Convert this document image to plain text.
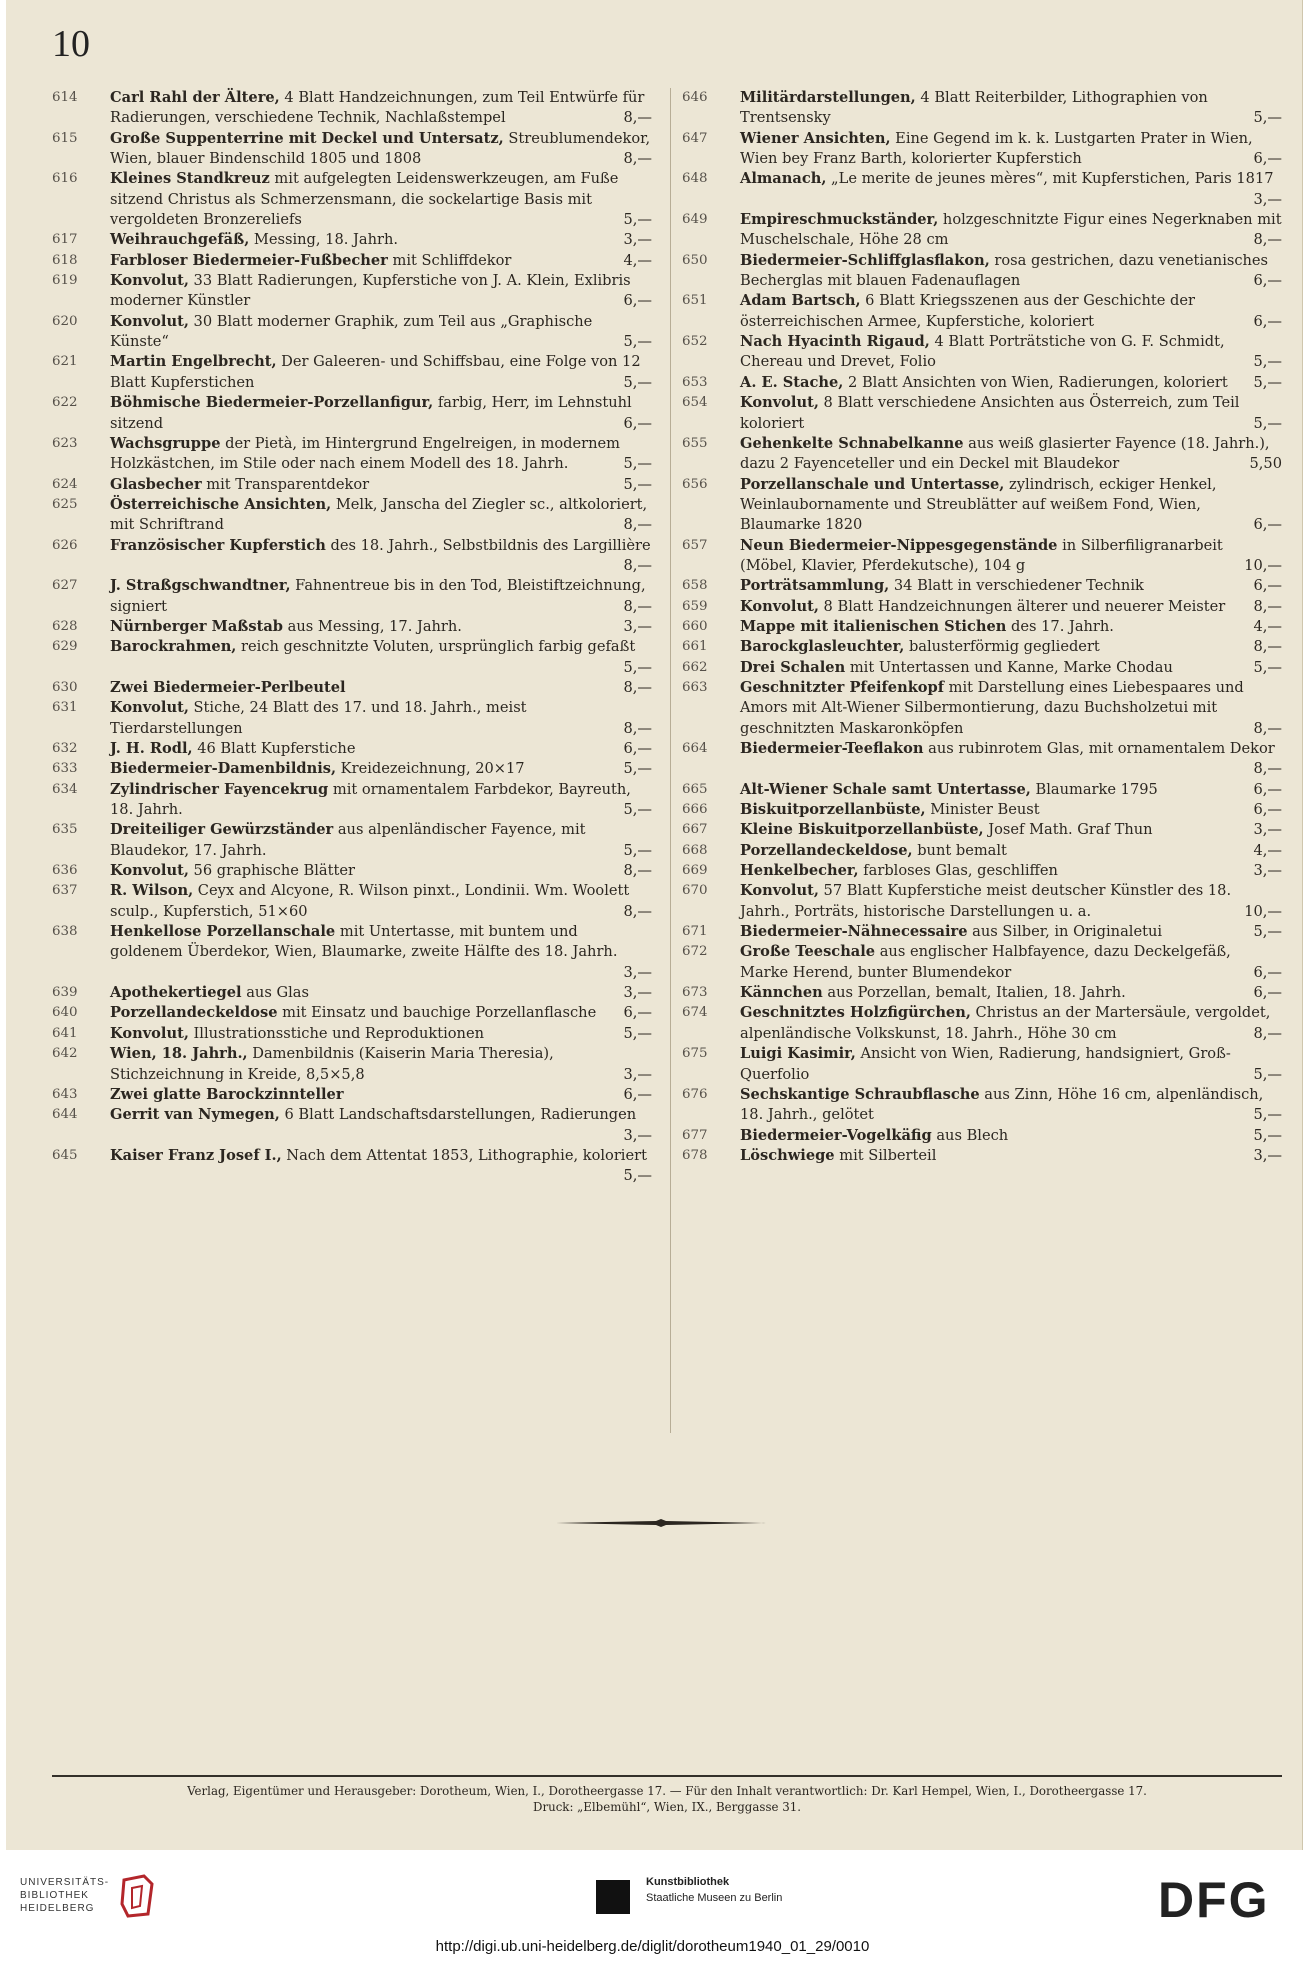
10
614	Carl Rahl der Ältere, 4 Blatt Handzeichnungen, zum Teil Entwürfe für Radierungen, verschiedene Technik, Nachlaßstempel	8,—
615	Große Suppenterrine mit Deckel und Untersatz, Streublumendekor, Wien, blauer Bindenschild 1805 und 1808	8,—
616	Kleines Standkreuz mit aufgelegten Leidenswerkzeugen, am Fuße sitzend Christus als Schmerzensmann, die sockelartige Basis mit vergoldeten Bronzereliefs	5,—
617	Weihrauchgefäß, Messing, 18. Jahrh.	3,—
618	Farbloser Biedermeier-Fußbecher mit Schliffdekor	4,—
619	Konvolut, 33 Blatt Radierungen, Kupferstiche von J. A. Klein, Exlibris moderner Künstler	6,—
620	Konvolut, 30 Blatt moderner Graphik, zum Teil aus „Graphische Künste“	5,—
621	Martin Engelbrecht, Der Galeeren- und Schiffsbau, eine Folge von 12 Blatt Kupferstichen	5,—
622	Böhmische Biedermeier-Porzellanfigur, farbig, Herr, im Lehnstuhl sitzend	6,—
623	Wachsgruppe der Pietà, im Hintergrund Engelreigen, in modernem Holzkästchen, im Stile oder nach einem Modell des 18. Jahrh.	5,—
624	Glasbecher mit Transparentdekor	5,—
625	Österreichische Ansichten, Melk, Janscha del Ziegler sc., altkoloriert, mit Schriftrand	8,—
626	Französischer Kupferstich des 18. Jahrh., Selbstbildnis des Largillière
8,—
627	J. Straßgschwandtner, Fahnentreue bis in den Tod, Bleistiftzeichnung, signiert	8,—
628	Nürnberger Maßstab aus Messing, 17. Jahrh.	3,—
629	Barockrahmen, reich geschnitzte Voluten, ursprünglich farbig gefaßt
5,—
630	Zwei Biedermeier-Perlbeutel	8,—
631	Konvolut, Stiche, 24 Blatt des 17. und 18. Jahrh., meist Tierdarstellungen	8,—
632	J. H. Rodl, 46 Blatt Kupferstiche	6,—
633	Biedermeier-Damenbildnis, Kreidezeichnung, 20×17	5,—
634	Zylindrischer Fayencekrug mit ornamentalem Farbdekor, Bayreuth, 18. Jahrh.	5,—
635	Dreiteiliger Gewürzständer aus alpenländischer Fayence, mit Blaudekor, 17. Jahrh.	5,—
636	Konvolut, 56 graphische Blätter	8,—
637	R. Wilson, Ceyx and Alcyone, R. Wilson pinxt., Londinii. Wm. Woolett sculp., Kupferstich, 51×60	8,—
638	Henkellose Porzellanschale mit Untertasse, mit buntem und goldenem Überdekor, Wien, Blaumarke, zweite Hälfte des 18. Jahrh.
3,—
639	Apothekertiegel aus Glas	3,—
640	Porzellandeckeldose mit Einsatz und bauchige Porzellanflasche	6,—
641	Konvolut, Illustrationsstiche und Reproduktionen	5,—
642	Wien, 18. Jahrh., Damenbildnis (Kaiserin Maria Theresia), Stichzeichnung in Kreide, 8,5×5,8	3,—
643	Zwei glatte Barockzinnteller	6,—
644	Gerrit van Nymegen, 6 Blatt Landschaftsdarstellungen, Radierungen
3,—
645	Kaiser Franz Josef I., Nach dem Attentat 1853, Lithographie, koloriert
5,—
646	Militärdarstellungen, 4 Blatt Reiterbilder, Lithographien von Trentsensky	5,—
647	Wiener Ansichten, Eine Gegend im k. k. Lustgarten Prater in Wien, Wien bey Franz Barth, kolorierter Kupferstich	6,—
648	Almanach, „Le merite de jeunes mères“, mit Kupferstichen, Paris 1817
3,—
649	Empireschmuckständer, holzgeschnitzte Figur eines Negerknaben mit Muschelschale, Höhe 28 cm	8,—
650	Biedermeier-Schliffglasflakon, rosa gestrichen, dazu venetianisches Becherglas mit blauen Fadenauflagen	6,—
651	Adam Bartsch, 6 Blatt Kriegsszenen aus der Geschichte der österreichischen Armee, Kupferstiche, koloriert	6,—
652	Nach Hyacinth Rigaud, 4 Blatt Porträtstiche von G. F. Schmidt, Chereau und Drevet, Folio	5,—
653	A. E. Stache, 2 Blatt Ansichten von Wien, Radierungen, koloriert	5,—
654	Konvolut, 8 Blatt verschiedene Ansichten aus Österreich, zum Teil koloriert	5,—
655	Gehenkelte Schnabelkanne aus weiß glasierter Fayence (18. Jahrh.), dazu 2 Fayenceteller und ein Deckel mit Blaudekor	5,50
656	Porzellanschale und Untertasse, zylindrisch, eckiger Henkel, Weinlaubornamente und Streublätter auf weißem Fond, Wien, Blaumarke 1820	6,—
657	Neun Biedermeier-Nippesgegenstände in Silberfiligranarbeit (Möbel, Klavier, Pferdekutsche), 104 g	10,—
658	Porträtsammlung, 34 Blatt in verschiedener Technik	6,—
659	Konvolut, 8 Blatt Handzeichnungen älterer und neuerer Meister	8,—
660	Mappe mit italienischen Stichen des 17. Jahrh.	4,—
661	Barockglasleuchter, balusterförmig gegliedert	8,—
662	Drei Schalen mit Untertassen und Kanne, Marke Chodau	5,—
663	Geschnitzter Pfeifenkopf mit Darstellung eines Liebespaares und Amors mit Alt-Wiener Silbermontierung, dazu Buchsholzetui mit geschnitzten Maskaronköpfen	8,—
664	Biedermeier-Teeflakon aus rubinrotem Glas, mit ornamentalem Dekor
8,—
665	Alt-Wiener Schale samt Untertasse, Blaumarke 1795	6,—
666	Biskuitporzellanbüste, Minister Beust	6,—
667	Kleine Biskuitporzellanbüste, Josef Math. Graf Thun	3,—
668	Porzellandeckeldose, bunt bemalt	4,—
669	Henkelbecher, farbloses Glas, geschliffen	3,—
670	Konvolut, 57 Blatt Kupferstiche meist deutscher Künstler des 18. Jahrh., Porträts, historische Darstellungen u. a.	10,—
671	Biedermeier-Nähnecessaire aus Silber, in Originaletui	5,—
672	Große Teeschale aus englischer Halbfayence, dazu Deckelgefäß, Marke Herend, bunter Blumendekor	6,—
673	Kännchen aus Porzellan, bemalt, Italien, 18. Jahrh.	6,—
674	Geschnitztes Holzfigürchen, Christus an der Martersäule, vergoldet, alpenländische Volkskunst, 18. Jahrh., Höhe 30 cm	8,—
675	Luigi Kasimir, Ansicht von Wien, Radierung, handsigniert, Groß-Querfolio	5,—
676	Sechskantige Schraubflasche aus Zinn, Höhe 16 cm, alpenländisch, 18. Jahrh., gelötet	5,—
677	Biedermeier-Vogelkäfig aus Blech	5,—
678	Löschwiege mit Silberteil	3,—
Verlag, Eigentümer und Herausgeber: Dorotheum, Wien, I., Dorotheergasse 17. — Für den Inhalt verantwortlich: Dr. Karl Hempel, Wien, I., Dorotheergasse 17.
Druck: „Elbemühl“, Wien, IX., Berggasse 31.
UNIVERSITÄTS-
BIBLIOTHEK
HEIDELBERG
Kunstbibliothek
Staatliche Museen zu Berlin	DFG
http://digi.ub.uni-heidelberg.de/diglit/dorotheum1940_01_29/0010
